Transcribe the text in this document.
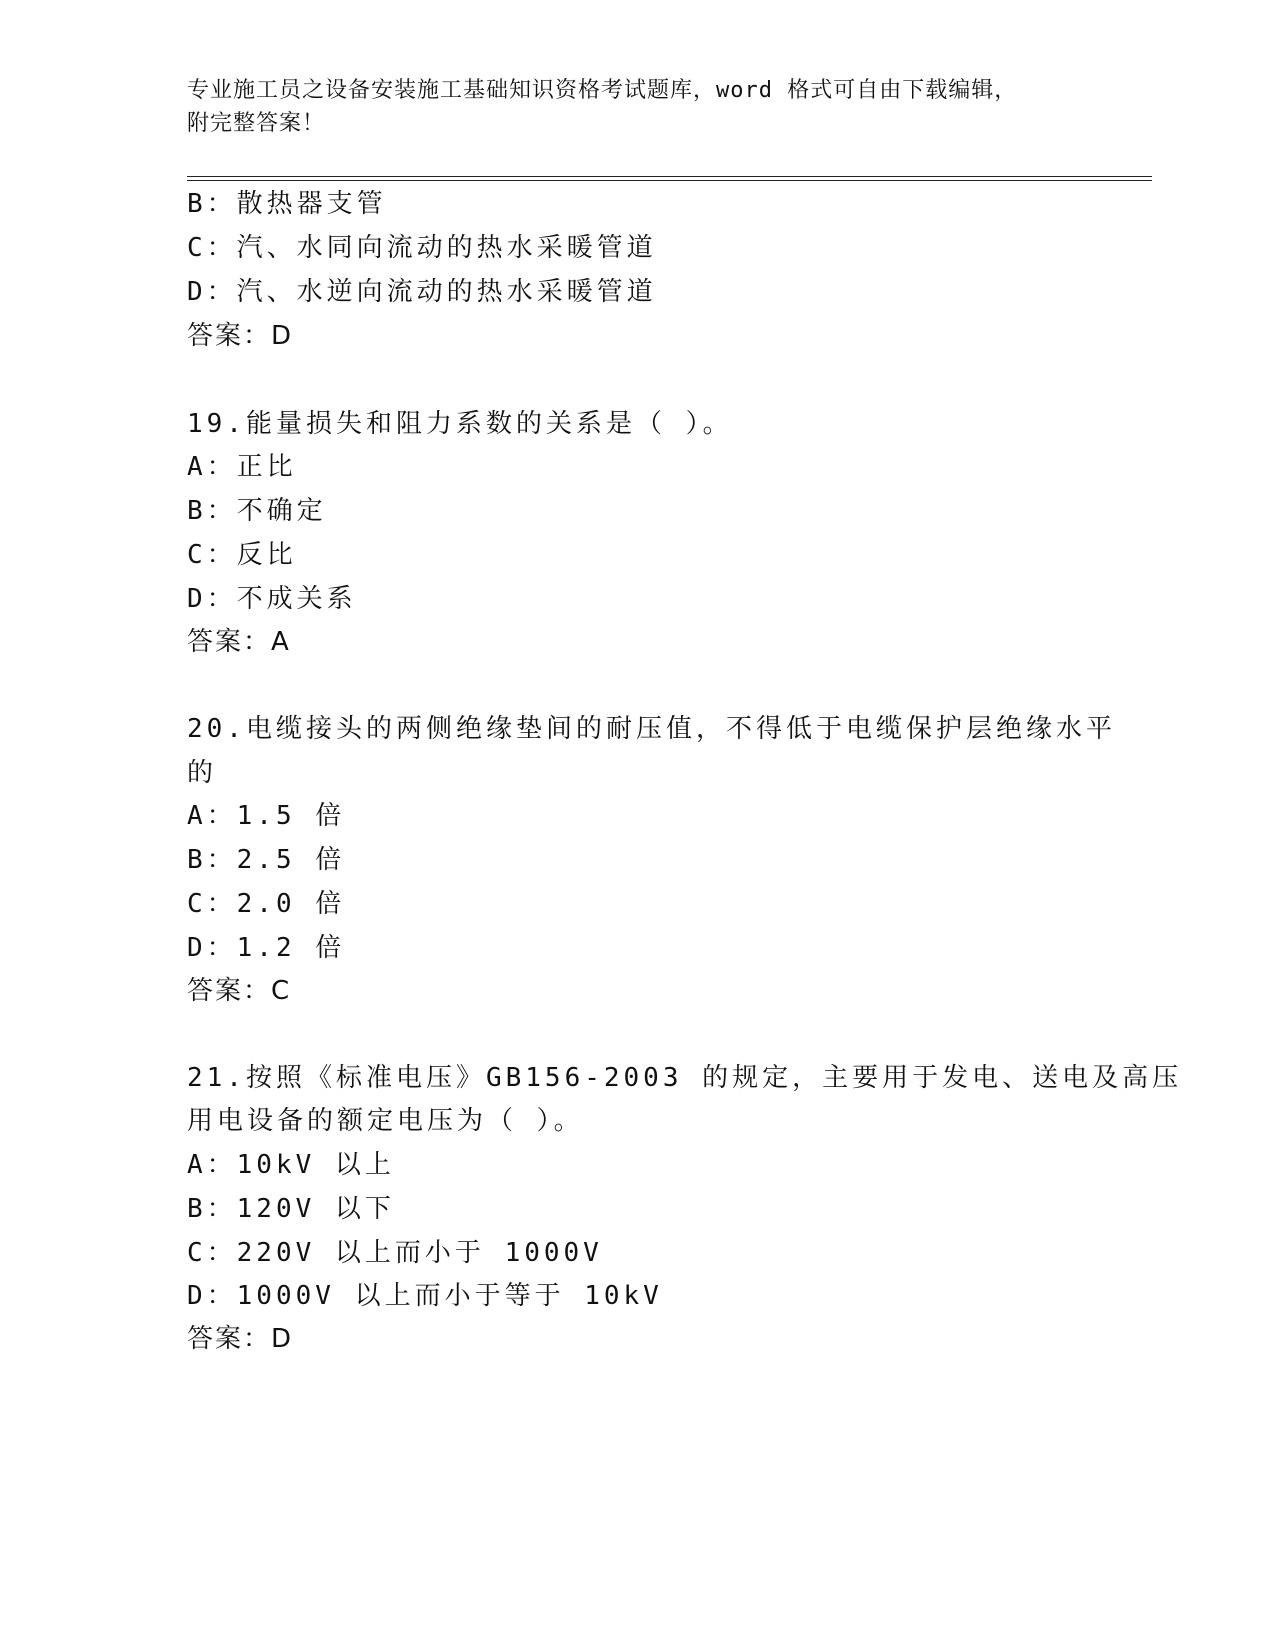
专业施工员之设备安装施工基础知识资格考试题库，word 格式可自由下载编辑，
附完整答案！
B：散热器支管
C：汽、水同向流动的热水采暖管道
D：汽、水逆向流动的热水采暖管道
答案：D
19.能量损失和阻力系数的关系是（ ）。
A：正比
B：不确定
C：反比
D：不成关系
答案：A
20.电缆接头的两侧绝缘垫间的耐压值，不得低于电缆保护层绝缘水平
的
A：1.5 倍
B：2.5 倍
C：2.0 倍
D：1.2 倍
答案：C
21.按照《标准电压》GB156-2003 的规定，主要用于发电、送电及高压
用电设备的额定电压为（ ）。
A：10kV 以上
B：120V 以下
C：220V 以上而小于 1000V
D：1000V 以上而小于等于 10kV
答案：D
